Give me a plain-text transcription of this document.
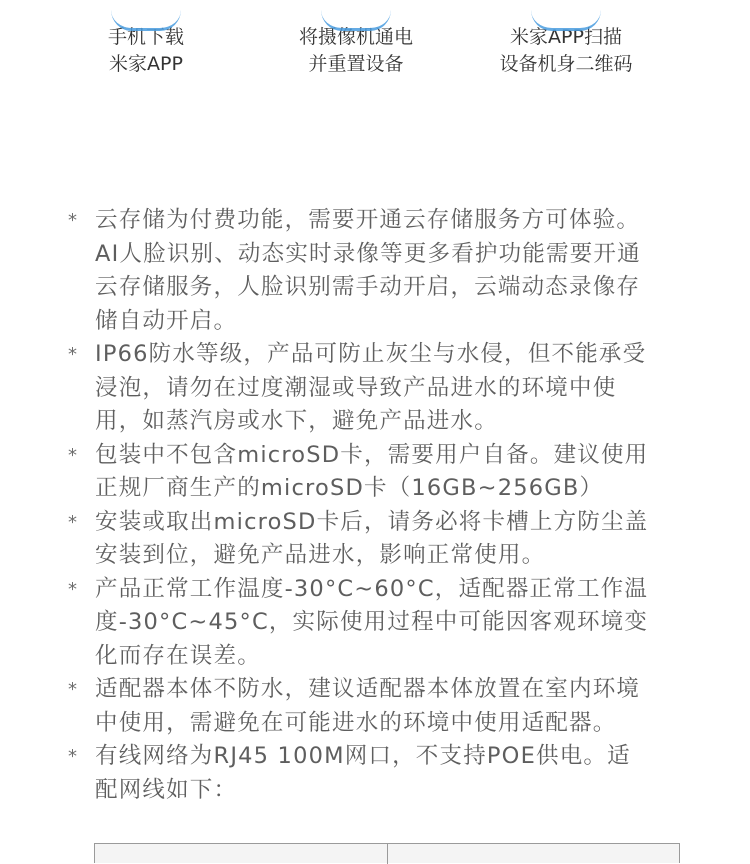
手机下载
米家APP
将摄像机通电
并重置设备
米家APP扫描
设备机身二维码
* 云存储为付费功能，需要开通云存储服务方可体验。
AI人脸识别、动态实时录像等更多看护功能需要开通
云存储服务，人脸识别需手动开启，云端动态录像存
储自动开启。
* IP66防水等级，产品可防止灰尘与水侵，但不能承受
浸泡，请勿在过度潮湿或导致产品进水的环境中使
用，如蒸汽房或水下，避免产品进水。
* 包装中不包含microSD卡，需要用户自备。建议使用
正规厂商生产的microSD卡（16GB~256GB）
* 安装或取出microSD卡后，请务必将卡槽上方防尘盖
安装到位，避免产品进水，影响正常使用。
* 产品正常工作温度-30°C~60°C，适配器正常工作温
度-30°C~45°C，实际使用过程中可能因客观环境变
化而存在误差。
* 适配器本体不防水，建议适配器本体放置在室内环境
中使用，需避免在可能进水的环境中使用适配器。
* 有线网络为RJ45 100M网口，不支持POE供电。适
配网线如下：
